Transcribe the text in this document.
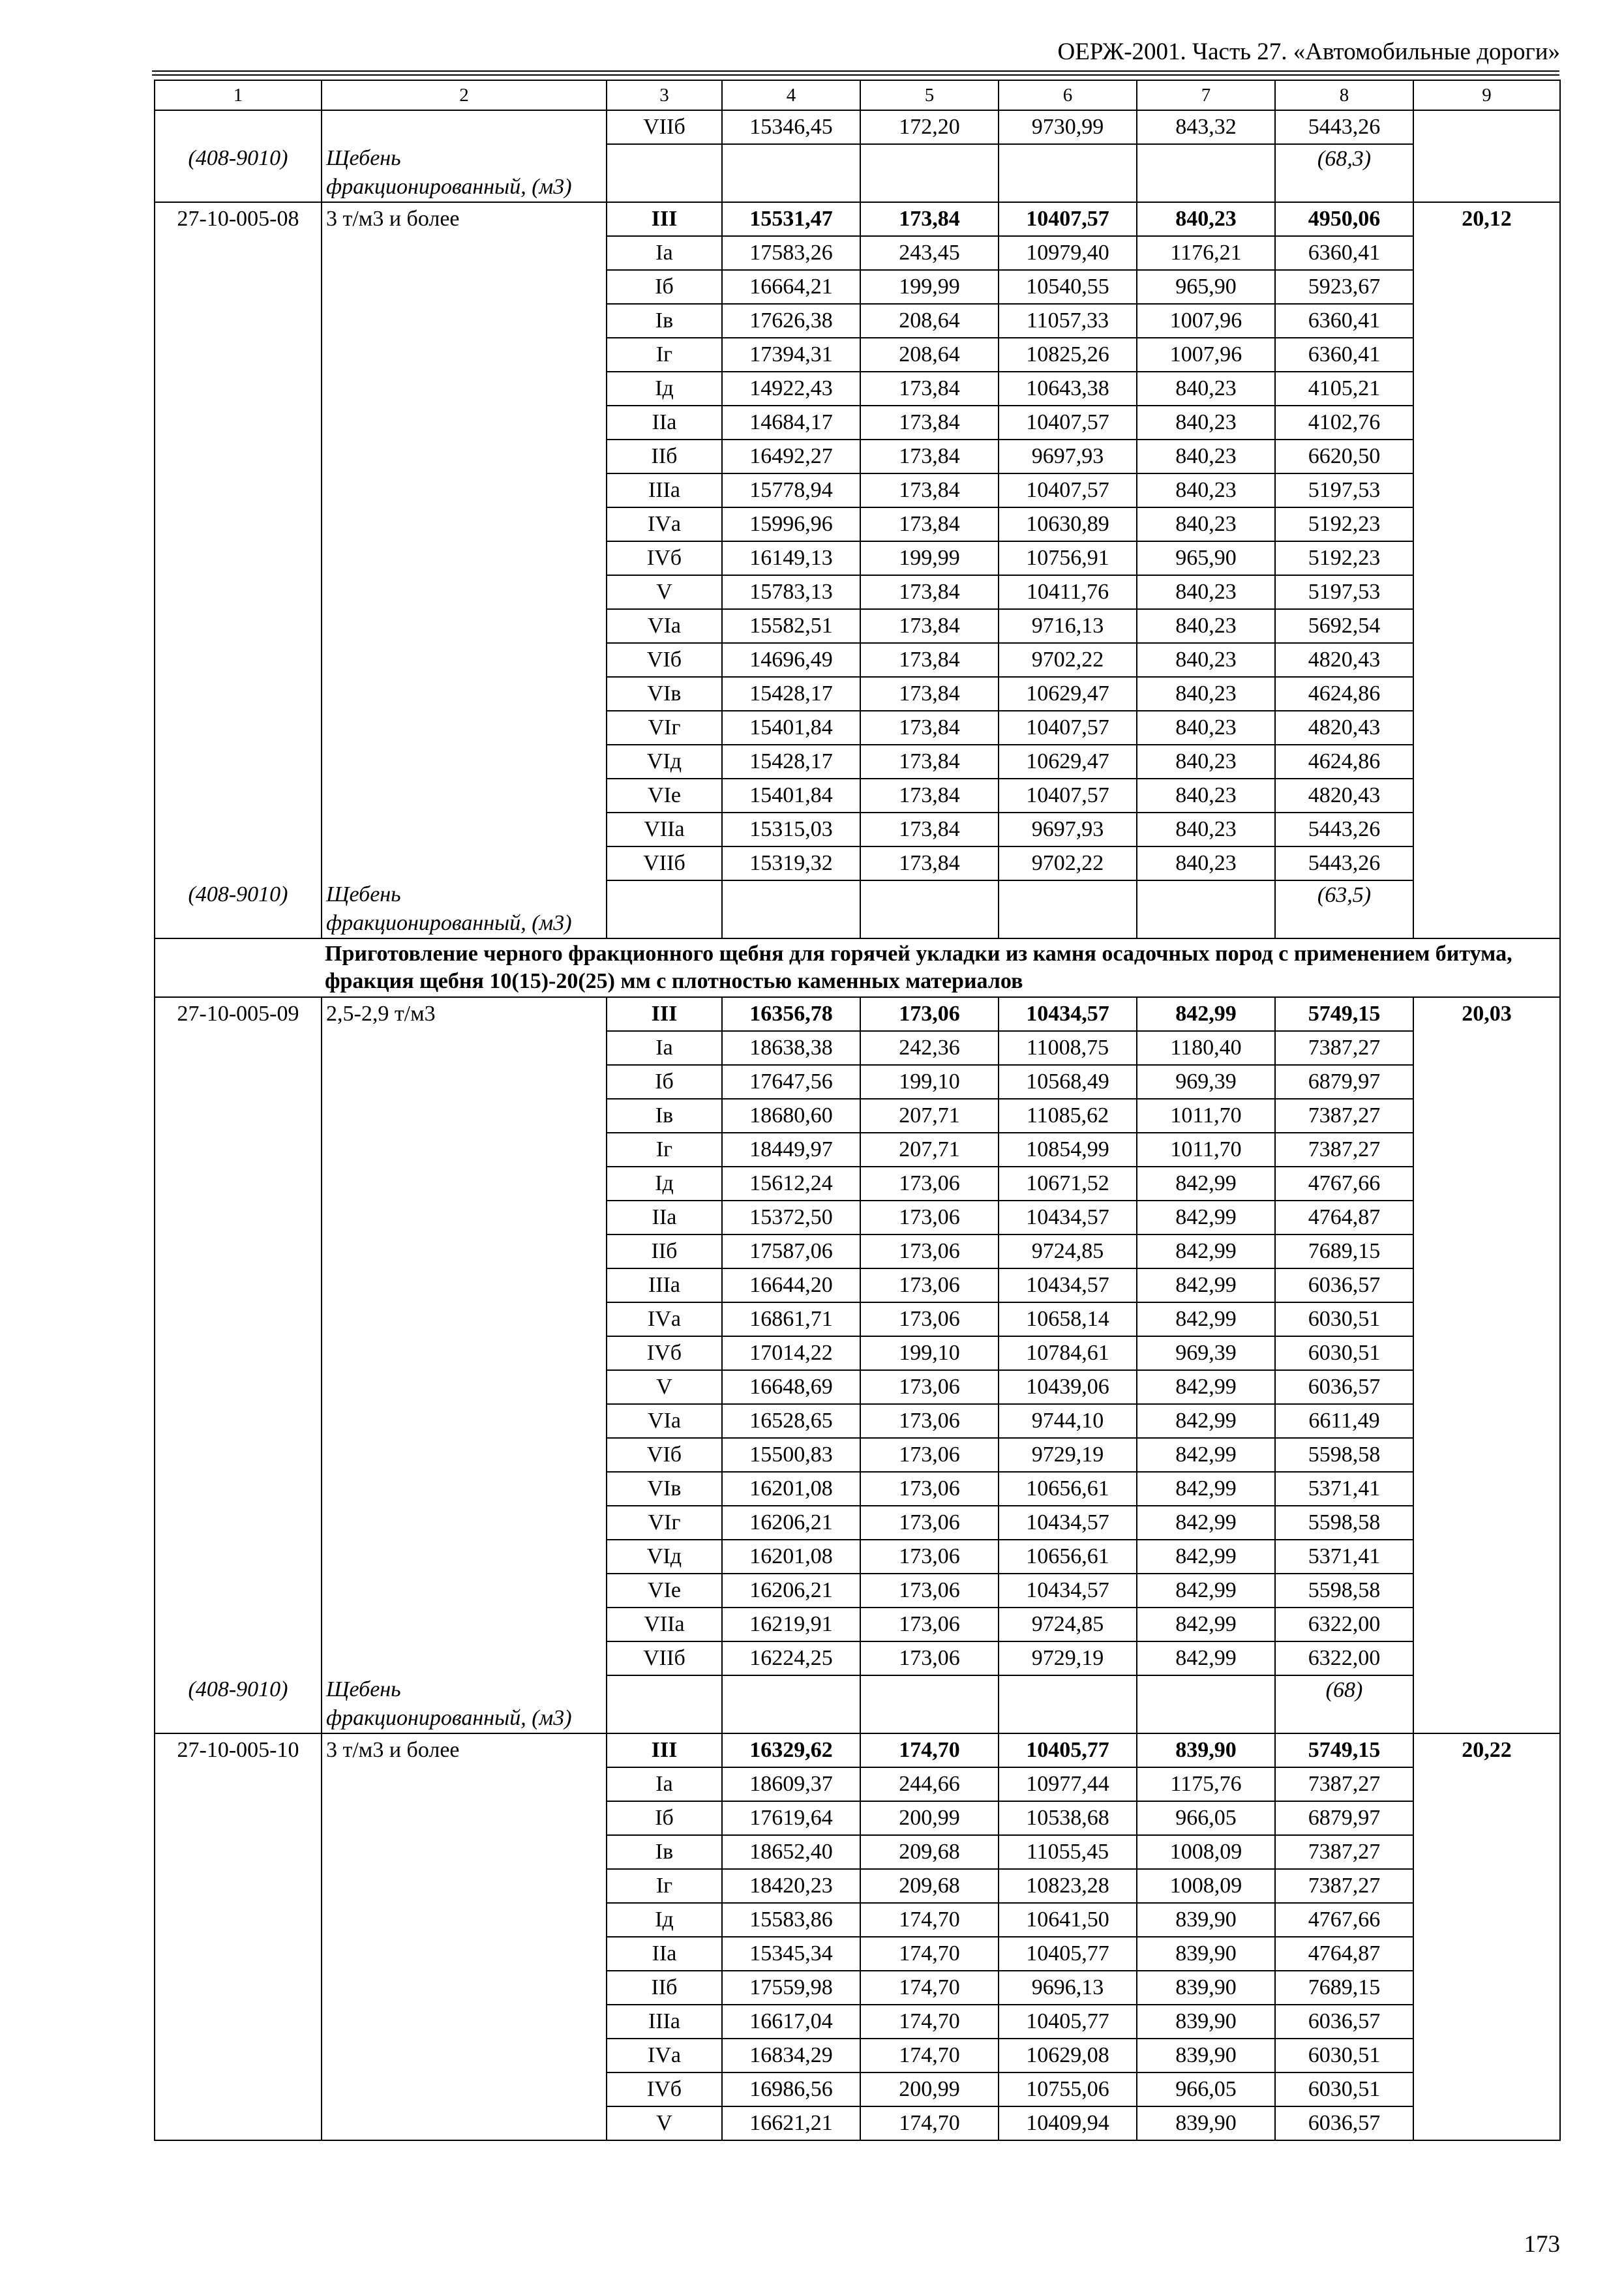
ОЕРЖ-2001. Часть 27. «Автомобильные дороги»
1	2	3	4	5	6	7	8	9
		VIIб	15346,45	172,20	9730,99	843,32	5443,26	
(408-9010)	Щебень фракционированный, (м3)						(68,3)	
27-10-005-08	3 т/м3 и более	III	15531,47	173,84	10407,57	840,23	4950,06	20,12
		Iа	17583,26	243,45	10979,40	1176,21	6360,41	
		Iб	16664,21	199,99	10540,55	965,90	5923,67	
		Iв	17626,38	208,64	11057,33	1007,96	6360,41	
		Iг	17394,31	208,64	10825,26	1007,96	6360,41	
		Iд	14922,43	173,84	10643,38	840,23	4105,21	
		IIа	14684,17	173,84	10407,57	840,23	4102,76	
		IIб	16492,27	173,84	9697,93	840,23	6620,50	
		IIIа	15778,94	173,84	10407,57	840,23	5197,53	
		IVа	15996,96	173,84	10630,89	840,23	5192,23	
		IVб	16149,13	199,99	10756,91	965,90	5192,23	
		V	15783,13	173,84	10411,76	840,23	5197,53	
		VIа	15582,51	173,84	9716,13	840,23	5692,54	
		VIб	14696,49	173,84	9702,22	840,23	4820,43	
		VIв	15428,17	173,84	10629,47	840,23	4624,86	
		VIг	15401,84	173,84	10407,57	840,23	4820,43	
		VIд	15428,17	173,84	10629,47	840,23	4624,86	
		VIе	15401,84	173,84	10407,57	840,23	4820,43	
		VIIа	15315,03	173,84	9697,93	840,23	5443,26	
		VIIб	15319,32	173,84	9702,22	840,23	5443,26	
(408-9010)	Щебень фракционированный, (м3)						(63,5)	
Приготовление черного фракционного щебня для горячей укладки из камня осадочных пород с применением битума, фракция щебня 10(15)-20(25) мм с плотностью каменных материалов								
27-10-005-09	2,5-2,9 т/м3	III	16356,78	173,06	10434,57	842,99	5749,15	20,03
		Iа	18638,38	242,36	11008,75	1180,40	7387,27	
		Iб	17647,56	199,10	10568,49	969,39	6879,97	
		Iв	18680,60	207,71	11085,62	1011,70	7387,27	
		Iг	18449,97	207,71	10854,99	1011,70	7387,27	
		Iд	15612,24	173,06	10671,52	842,99	4767,66	
		IIа	15372,50	173,06	10434,57	842,99	4764,87	
		IIб	17587,06	173,06	9724,85	842,99	7689,15	
		IIIа	16644,20	173,06	10434,57	842,99	6036,57	
		IVа	16861,71	173,06	10658,14	842,99	6030,51	
		IVб	17014,22	199,10	10784,61	969,39	6030,51	
		V	16648,69	173,06	10439,06	842,99	6036,57	
		VIа	16528,65	173,06	9744,10	842,99	6611,49	
		VIб	15500,83	173,06	9729,19	842,99	5598,58	
		VIв	16201,08	173,06	10656,61	842,99	5371,41	
		VIг	16206,21	173,06	10434,57	842,99	5598,58	
		VIд	16201,08	173,06	10656,61	842,99	5371,41	
		VIе	16206,21	173,06	10434,57	842,99	5598,58	
		VIIа	16219,91	173,06	9724,85	842,99	6322,00	
		VIIб	16224,25	173,06	9729,19	842,99	6322,00	
(408-9010)	Щебень фракционированный, (м3)						(68)	
27-10-005-10	3 т/м3 и более	III	16329,62	174,70	10405,77	839,90	5749,15	20,22
		Iа	18609,37	244,66	10977,44	1175,76	7387,27	
		Iб	17619,64	200,99	10538,68	966,05	6879,97	
		Iв	18652,40	209,68	11055,45	1008,09	7387,27	
		Iг	18420,23	209,68	10823,28	1008,09	7387,27	
		Iд	15583,86	174,70	10641,50	839,90	4767,66	
		IIа	15345,34	174,70	10405,77	839,90	4764,87	
		IIб	17559,98	174,70	9696,13	839,90	7689,15	
		IIIа	16617,04	174,70	10405,77	839,90	6036,57	
		IVа	16834,29	174,70	10629,08	839,90	6030,51	
		IVб	16986,56	200,99	10755,06	966,05	6030,51	
		V	16621,21	174,70	10409,94	839,90	6036,57	
173
